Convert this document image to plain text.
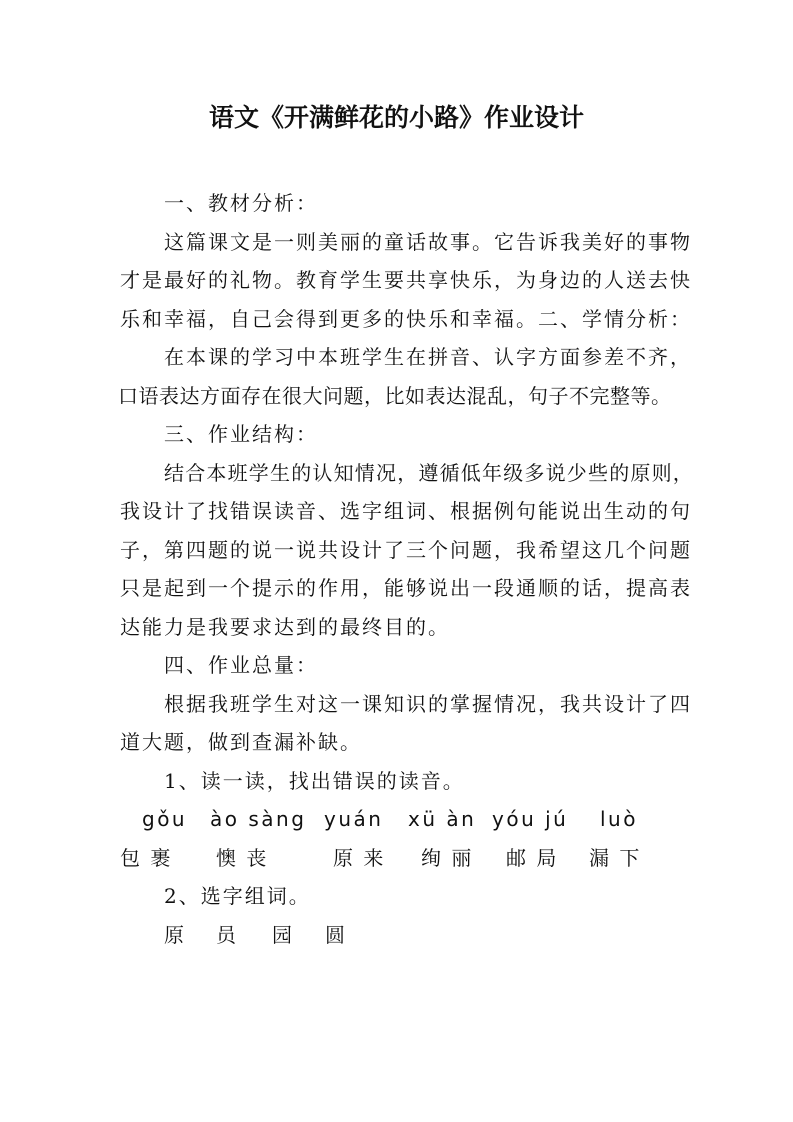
语文《开满鲜花的小路》作业设计

一、教材分析：

这篇课文是一则美丽的童话故事。它告诉我美好的事物

才是最好的礼物。教育学生要共享快乐，为身边的人送去快

乐和幸福，自己会得到更多的快乐和幸福。二、学情分析：

在本课的学习中本班学生在拼音、认字方面参差不齐，

口语表达方面存在很大问题，比如表达混乱，句子不完整等。

三、作业结构：

结合本班学生的认知情况，遵循低年级多说少些的原则，

我设计了找错误读音、选字组词、根据例句能说出生动的句

子，第四题的说一说共设计了三个问题，我希望这几个问题

只是起到一个提示的作用，能够说出一段通顺的话，提高表

达能力是我要求达到的最终目的。

四、作业总量：

根据我班学生对这一课知识的掌握情况，我共设计了四

道大题，做到查漏补缺。

1、读一读，找出错误的读音。

gǒu ào sàng yuán xü àn yóu jú luò
包 裹 懊 丧	原 来 绚 丽 邮 局 漏 下

2、选字组词。

原 员 园 圆
